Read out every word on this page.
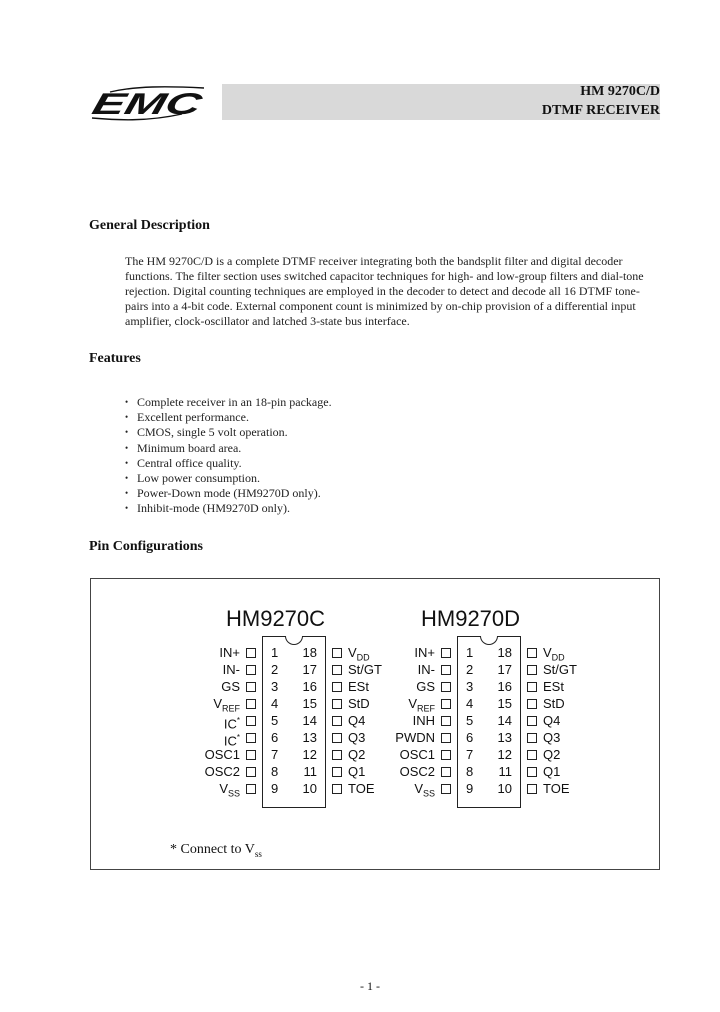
EMC	HM 9270C/D
DTMF RECEIVER
General Description
The HM 9270C/D is a complete DTMF receiver integrating both the bandsplit filter and digital decoder
functions. The filter section uses switched capacitor techniques for high- and low-group filters and dial-tone
rejection. Digital counting techniques are employed in the decoder to detect and decode all 16 DTMF tone-
pairs into a 4-bit code. External component count is minimized by on-chip provision of a differential input
amplifier, clock-oscillator and latched 3-state bus interface.
Features
• Complete receiver in an 18-pin package.
• Excellent performance.
• CMOS, single 5 volt operation.
• Minimum board area.
• Central office quality.
• Low power consumption.
• Power-Down mode (HM9270D only).
• Inhibit-mode (HM9270D only).
Pin Configurations
HM9270C
IN+ 1
IN- 2
GS 3
$V_{REF}$ 4
IC* 5
IC* 6
OSC1 7
OSC2 8
$V_{SS}$ 9
$V_{DD}$
18
St/GT
17
ESt
16
StD
15
Q4
14
Q3
13
Q2
12
Q1
11
TOE
10
HM9270D
IN+ 1
IN- 2
GS 3
$V_{REF}$ 4
INH 5
PWDN 6
OSC1 7
OSC2 8
$V_{SS}$ 9
$V_{DD}$
18
St/GT
17
ESt
16
StD
15
Q4
14
Q3
13
Q2
12
Q1
11
TOE
10
* Connect to $V_{ss}$
- 1 -
